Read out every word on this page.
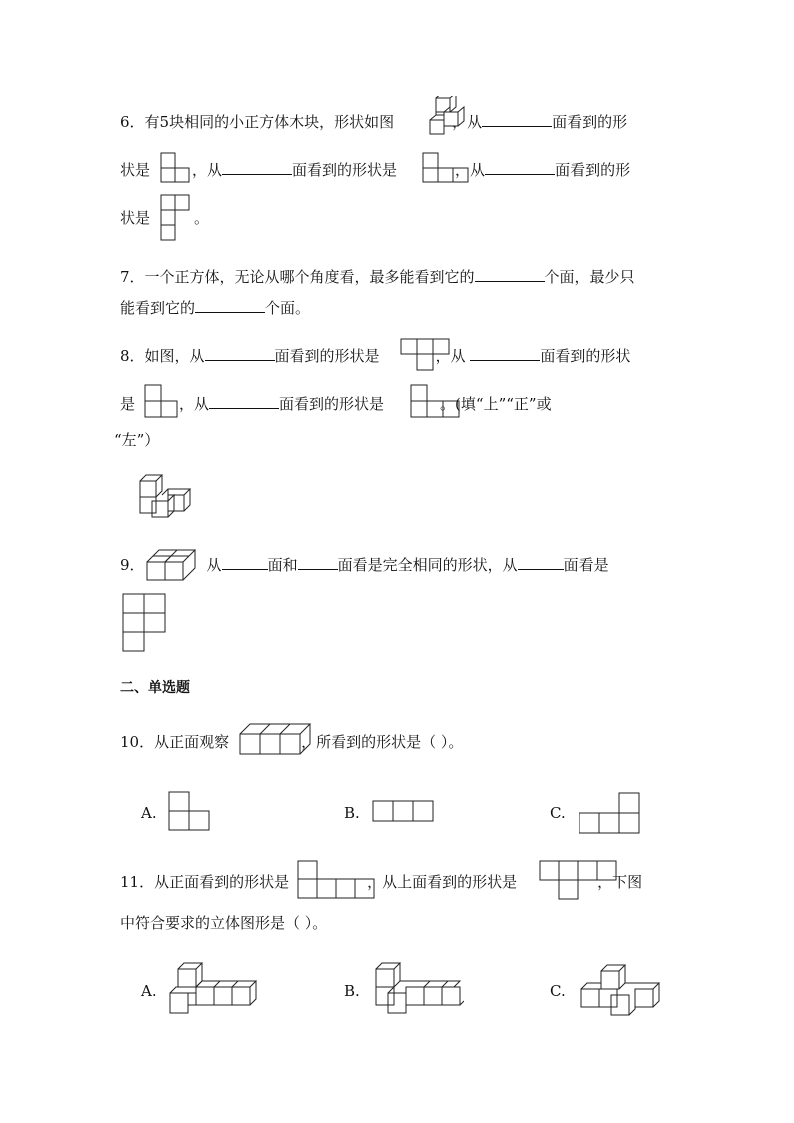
6．有5块相同的小正方体木块，形状如图	，从	面看到的形
状是	，从	面看到的形状是	，从	面看到的形
状是	。
7．一个正方体，无论从哪个角度看，最多能看到它的	个面，最少只
能看到它的	个面。
8．如图，从	面看到的形状是	，从	面看到的形状
是	，从	面看到的形状是	。(填“上”“正”或
“左”）
9．	从	面和	面看是完全相同的形状，从	面看是
二、单选题
10．从正面观察	，所看到的形状是（ ）。
A.	B.	C.
11．从正面看到的形状是	，从上面看到的形状是	，下图
中符合要求的立体图形是（ ）。
A.	B.	C.
